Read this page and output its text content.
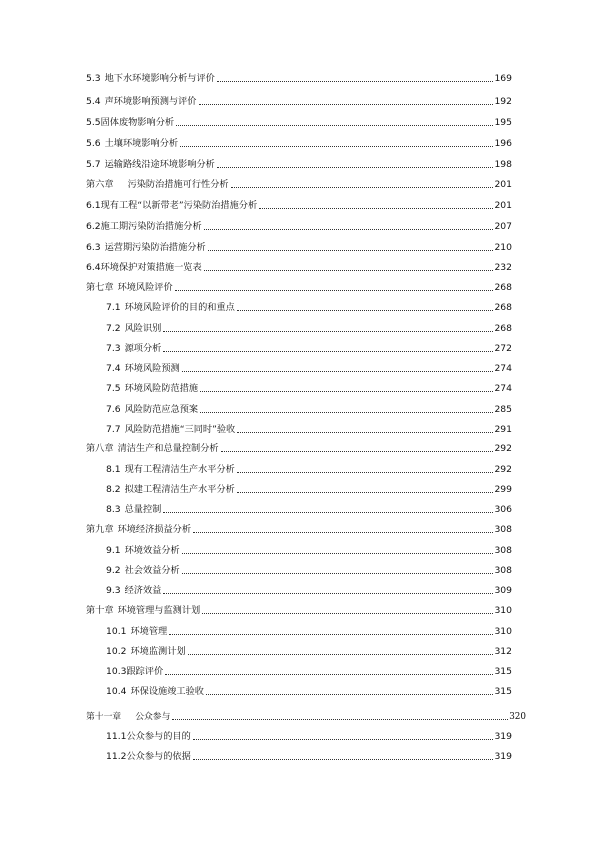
5.3 地下水环境影响分析与评价	169
5.4 声环境影响预测与评价	192
5.5 固体废物影响分析	195
5.6 土壤环境影响分析	196
5.7 运输路线沿途环境影响分析	198
第六章	污染防治措施可行性分析	201
6.1 现有工程“以新带老”污染防治措施分析	201
6.2 施工期污染防治措施分析	207
6.3 运营期污染防治措施分析	210
6.4 环境保护对策措施一览表	232
第七章 环境风险评价	268
7.1 环境风险评价的目的和重点	268
7.2 风险识别	268
7.3 源项分析	272
7.4 环境风险预测	274
7.5 环境风险防范措施	274
7.6 风险防范应急预案	285
7.7 风险防范措施“三同时”验收	291
第八章 清洁生产和总量控制分析	292
8.1 现有工程清洁生产水平分析	292
8.2 拟建工程清洁生产水平分析	299
8.3 总量控制	306
第九章 环境经济损益分析	308
9.1 环境效益分析	308
9.2 社会效益分析	308
9.3 经济效益	309
第十章 环境管理与监测计划	310
10.1 环境管理	310
10.2 环境监测计划	312
10.3 跟踪评价	315
10.4 环保设施竣工验收	315
第十一章	公众参与	320
11.1 公众参与的目的	319
11.2 公众参与的依据	319
